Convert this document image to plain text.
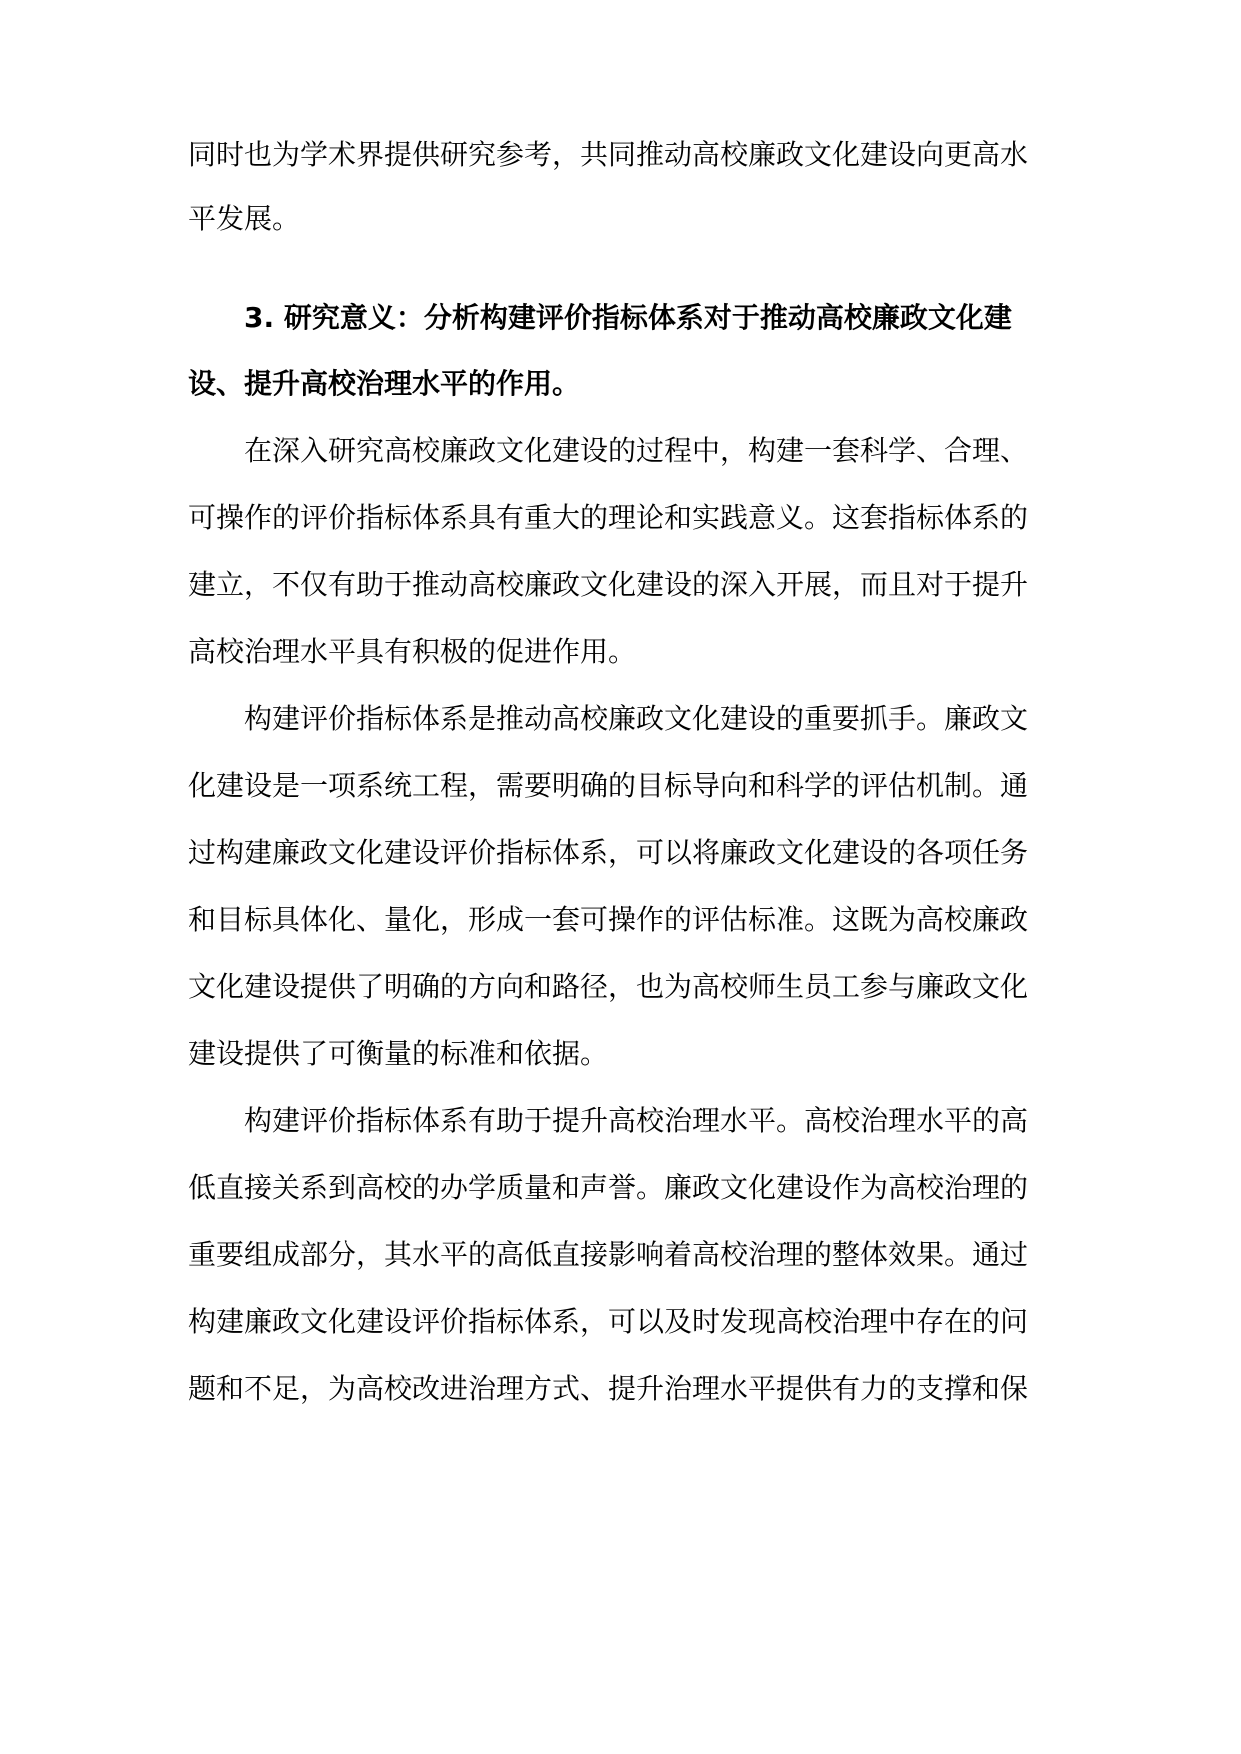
同时也为学术界提供研究参考，共同推动高校廉政文化建设向更高水
平发展。
3. 研究意义：分析构建评价指标体系对于推动高校廉政文化建
设、提升高校治理水平的作用。
在深入研究高校廉政文化建设的过程中，构建一套科学、合理、
可操作的评价指标体系具有重大的理论和实践意义。这套指标体系的
建立，不仅有助于推动高校廉政文化建设的深入开展，而且对于提升
高校治理水平具有积极的促进作用。
构建评价指标体系是推动高校廉政文化建设的重要抓手。廉政文
化建设是一项系统工程，需要明确的目标导向和科学的评估机制。通
过构建廉政文化建设评价指标体系，可以将廉政文化建设的各项任务
和目标具体化、量化，形成一套可操作的评估标准。这既为高校廉政
文化建设提供了明确的方向和路径，也为高校师生员工参与廉政文化
建设提供了可衡量的标准和依据。
构建评价指标体系有助于提升高校治理水平。高校治理水平的高
低直接关系到高校的办学质量和声誉。廉政文化建设作为高校治理的
重要组成部分，其水平的高低直接影响着高校治理的整体效果。通过
构建廉政文化建设评价指标体系，可以及时发现高校治理中存在的问
题和不足，为高校改进治理方式、提升治理水平提供有力的支撑和保
